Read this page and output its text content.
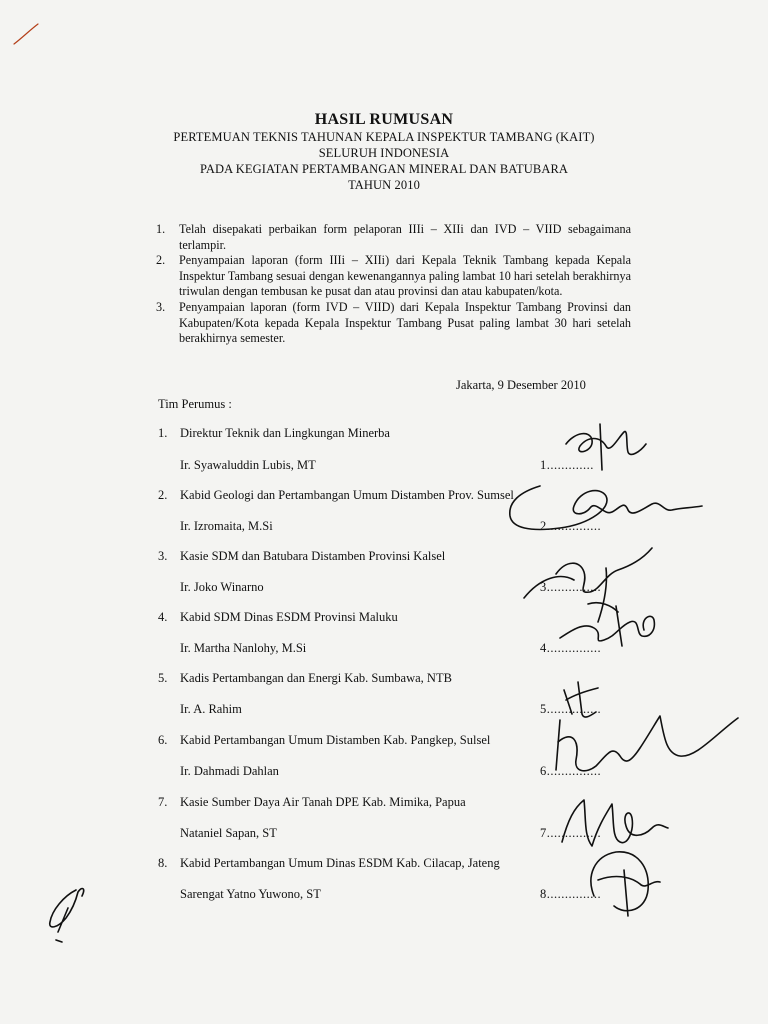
HASIL RUMUSAN
PERTEMUAN TEKNIS TAHUNAN KEPALA INSPEKTUR TAMBANG (KAIT)
SELURUH INDONESIA
PADA KEGIATAN PERTAMBANGAN MINERAL DAN BATUBARA
TAHUN 2010

1.	Telah disepakati perbaikan form pelaporan IIIi – XIIi dan IVD – VIID sebagaimana terlampir.

2.	Penyampaian laporan (form IIIi – XIIi) dari Kepala Teknik Tambang kepada Kepala Inspektur Tambang sesuai dengan kewenangannya paling lambat 10 hari setelah berakhirnya triwulan dengan tembusan ke pusat dan atau provinsi dan atau kabupaten/kota.

3.	Penyampaian laporan (form IVD – VIID) dari Kepala Inspektur Tambang Provinsi dan Kabupaten/Kota kepada Kepala Inspektur Tambang Pusat paling lambat 30 hari setelah berakhirnya semester.

Jakarta, 9 Desember 2010
Tim Perumus :
1. Direktur Teknik dan Lingkungan Minerba
Ir. Syawaluddin Lubis, MT	1.............
2. Kabid Geologi dan Pertambangan Umum Distamben Prov. Sumsel
Ir. Izromaita, M.Si	2...............
3. Kasie SDM dan Batubara Distamben Provinsi Kalsel
Ir. Joko Winarno	3...............
4. Kabid SDM Dinas ESDM Provinsi Maluku
Ir. Martha Nanlohy, M.Si	4...............
5. Kadis Pertambangan dan Energi Kab. Sumbawa, NTB
Ir. A. Rahim	5...............
6. Kabid Pertambangan Umum Distamben Kab. Pangkep, Sulsel
Ir. Dahmadi Dahlan	6...............
7. Kasie Sumber Daya Air Tanah DPE Kab. Mimika, Papua
Nataniel Sapan, ST	7...............
8. Kabid Pertambangan Umum Dinas ESDM Kab. Cilacap, Jateng
Sarengat Yatno Yuwono, ST	8...............
